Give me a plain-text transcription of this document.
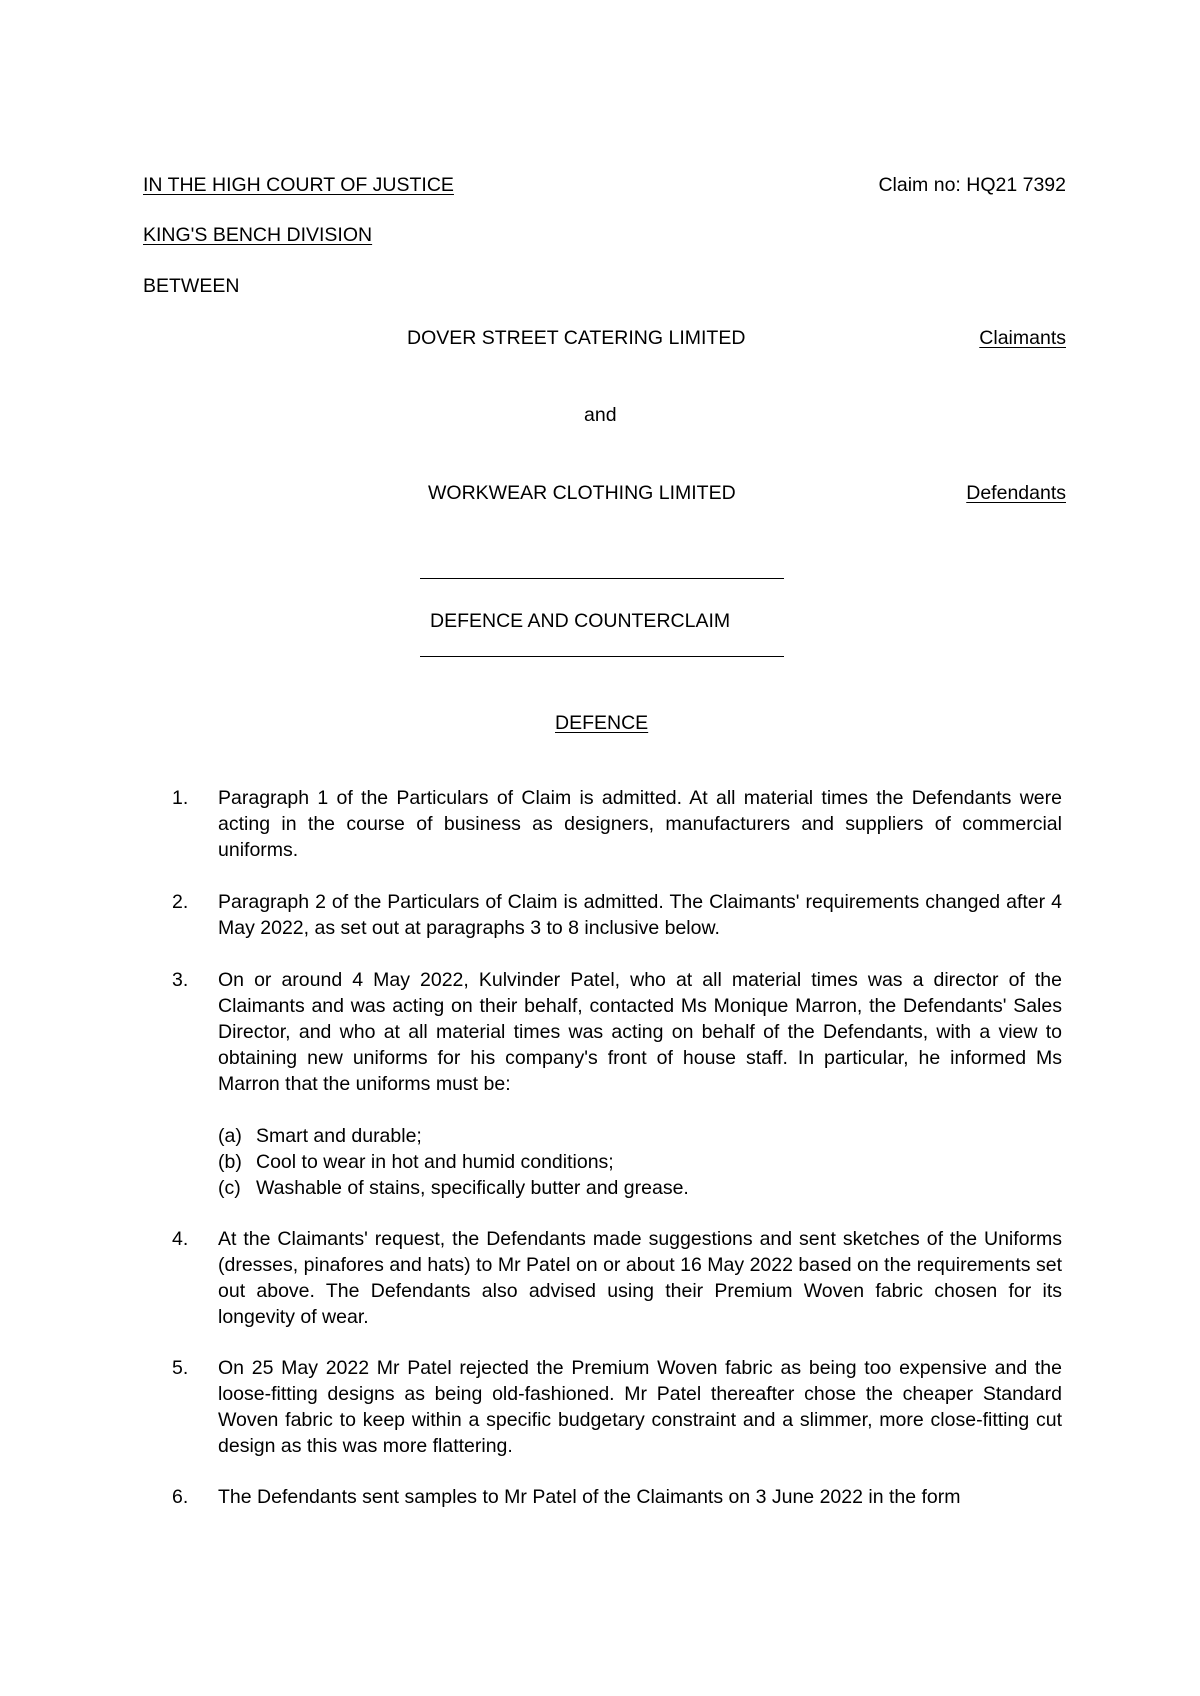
IN THE HIGH COURT OF JUSTICE	Claim no: HQ21 7392
KING'S BENCH DIVISION
BETWEEN
DOVER STREET CATERING LIMITED	Claimants
and
WORKWEAR CLOTHING LIMITED	Defendants
DEFENCE AND COUNTERCLAIM
DEFENCE
1. Paragraph 1 of the Particulars of Claim is admitted. At all material times the Defendants were acting in the course of business as designers, manufacturers and suppliers of commercial uniforms.
2. Paragraph 2 of the Particulars of Claim is admitted. The Claimants' requirements changed after 4 May 2022, as set out at paragraphs 3 to 8 inclusive below.
3. On or around 4 May 2022, Kulvinder Patel, who at all material times was a director of the Claimants and was acting on their behalf, contacted Ms Monique Marron, the Defendants' Sales Director, and who at all material times was acting on behalf of the Defendants, with a view to obtaining new uniforms for his company's front of house staff. In particular, he informed Ms Marron that the uniforms must be:
(a) Smart and durable;
(b) Cool to wear in hot and humid conditions;
(c) Washable of stains, specifically butter and grease.
4. At the Claimants' request, the Defendants made suggestions and sent sketches of the Uniforms (dresses, pinafores and hats) to Mr Patel on or about 16 May 2022 based on the requirements set out above. The Defendants also advised using their Premium Woven fabric chosen for its longevity of wear.
5. On 25 May 2022 Mr Patel rejected the Premium Woven fabric as being too expensive and the loose-fitting designs as being old-fashioned. Mr Patel thereafter chose the cheaper Standard Woven fabric to keep within a specific budgetary constraint and a slimmer, more close-fitting cut design as this was more flattering.
6. The Defendants sent samples to Mr Patel of the Claimants on 3 June 2022 in the form
